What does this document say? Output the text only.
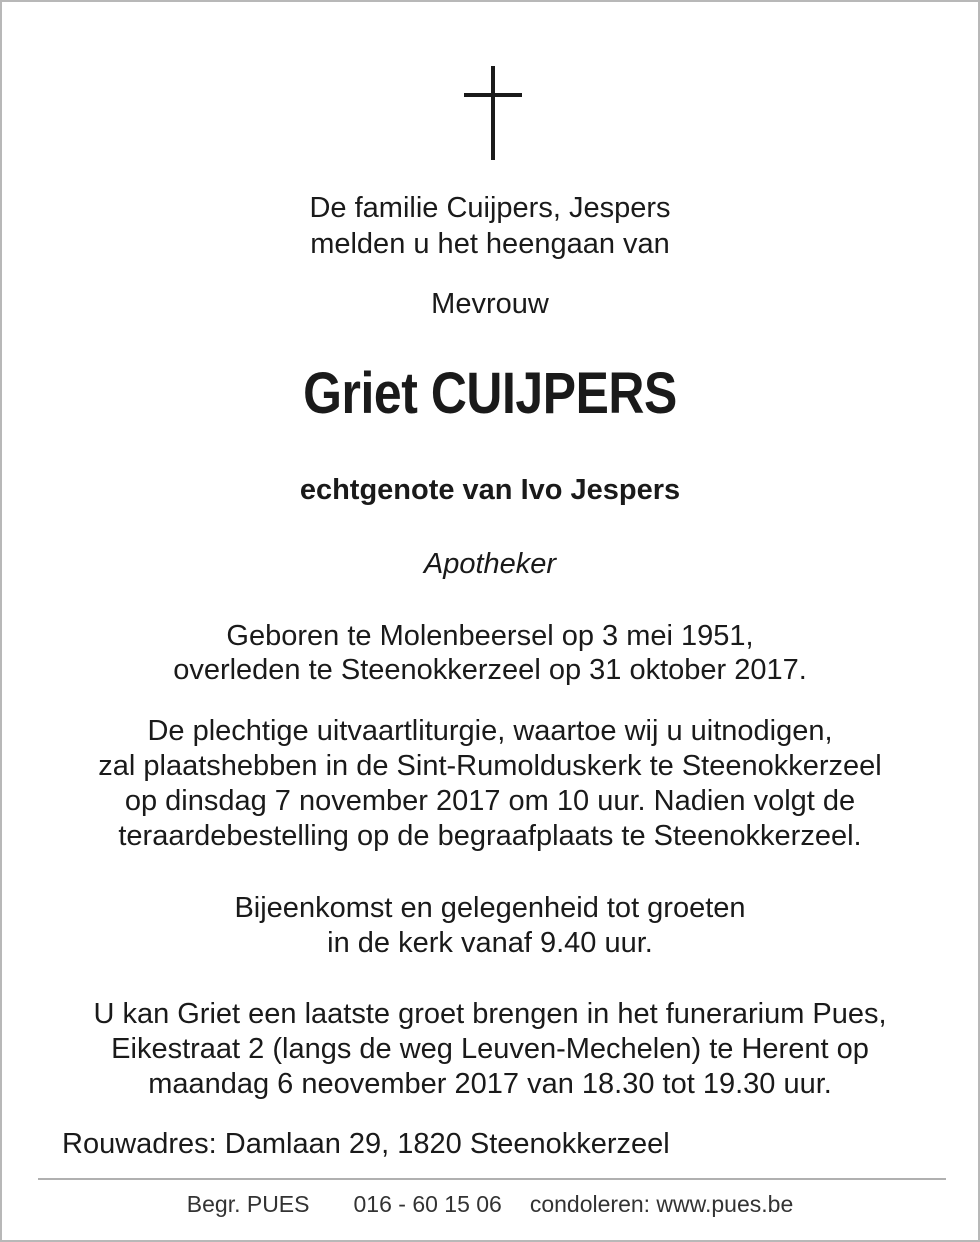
De familie Cuijpers, Jespers
melden u het heengaan van
Mevrouw
Griet CUIJPERS
echtgenote van Ivo Jespers
Apotheker
Geboren te Molenbeersel op 3 mei 1951,
overleden te Steenokkerzeel op 31 oktober 2017.
De plechtige uitvaartliturgie, waartoe wij u uitnodigen,
zal plaatshebben in de Sint-Rumolduskerk te Steenokkerzeel
op dinsdag 7 november 2017 om 10 uur. Nadien volgt de
teraardebestelling op de begraafplaats te Steenokkerzeel.
Bijeenkomst en gelegenheid tot groeten
in de kerk vanaf 9.40 uur.
U kan Griet een laatste groet brengen in het funerarium Pues,
Eikestraat 2 (langs de weg Leuven-Mechelen) te Herent op
maandag 6 neovember 2017 van 18.30 tot 19.30 uur.
Rouwadres: Damlaan 29, 1820 Steenokkerzeel
Begr. PUES 016 - 60 15 06 condoleren: www.pues.be
